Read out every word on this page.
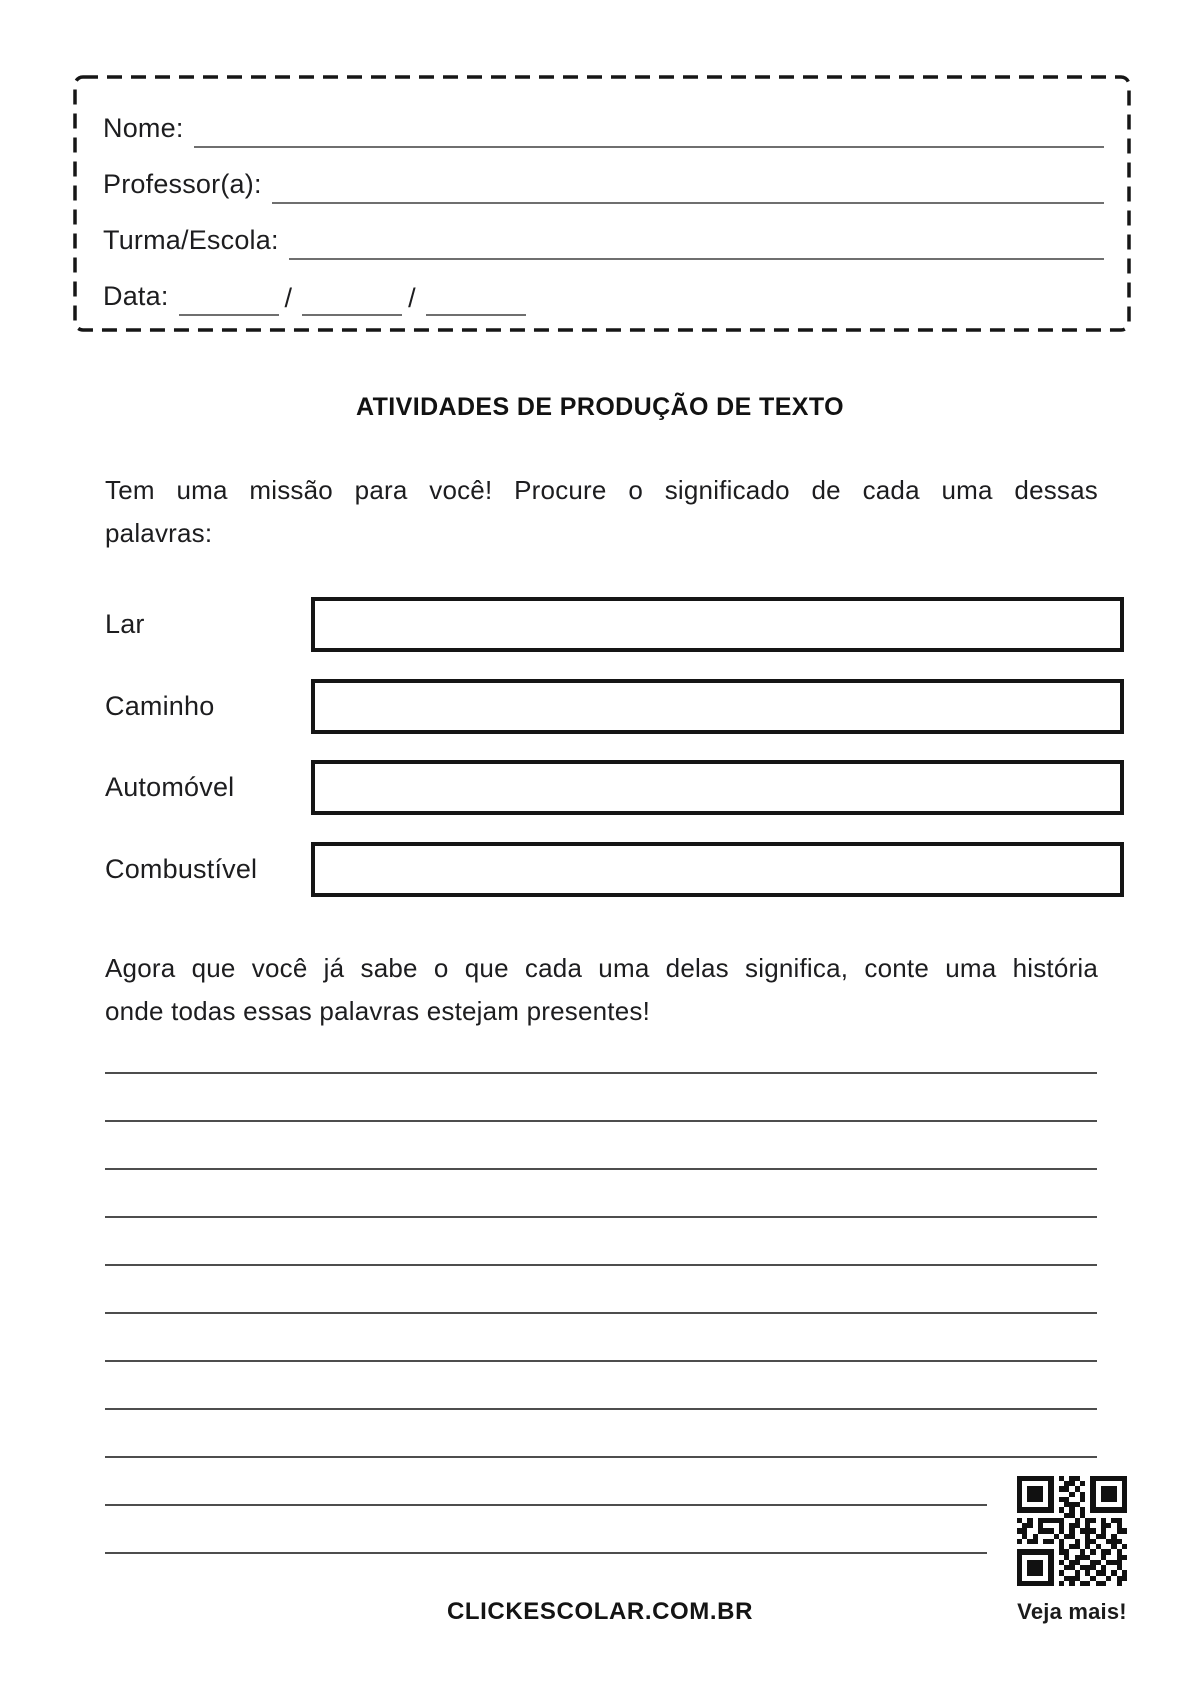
Nome:
Professor(a):
Turma/Escola:
Data:	/	/
ATIVIDADES DE PRODUÇÃO DE TEXTO
Tem uma missão para você! Procure o significado de cada uma dessas
palavras:
Lar
Caminho
Automóvel
Combustível
Agora que você já sabe o que cada uma delas significa, conte uma história
onde todas essas palavras estejam presentes!
Veja mais!
CLICKESCOLAR.COM.BR
